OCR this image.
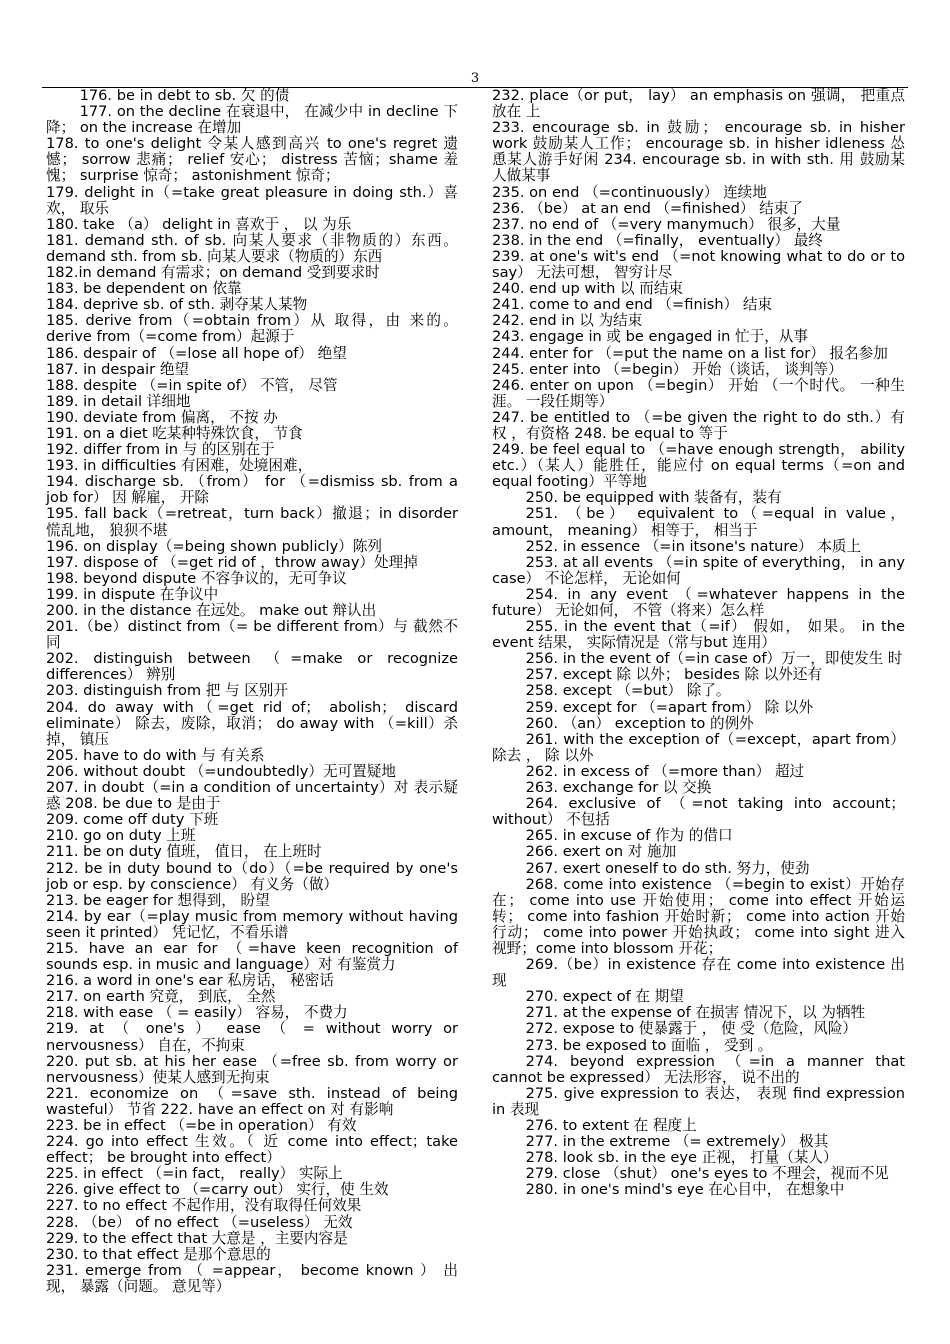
3

176. be in debt to sb. 欠 的债

177. on the decline 在衰退中， 在减少中 in decline 下降； on the increase 在增加

178. to one's delight 令某人感到高兴 to one's regret 遗憾； sorrow 悲痛； relief 安心； distress 苦恼；shame 羞愧； surprise 惊奇； astonishment 惊奇；

179. delight in（=take great pleasure in doing sth.）喜欢， 取乐

180. take （a） delight in 喜欢于 ， 以 为乐

181. demand sth. of sb. 向某人要求（非物质的）东西。demand sth. from sb. 向某人要求（物质的）东西

182.in demand 有需求；on demand 受到要求时

183. be dependent on 依靠

184. deprive sb. of sth. 剥夺某人某物

185. derive from（=obtain from）从 取得，由 来的。derive from（=come from）起源于

186. despair of （=lose all hope of） 绝望

187. in despair 绝望

188. despite （=in spite of） 不管， 尽管

189. in detail 详细地

190. deviate from 偏离， 不按 办

191. on a diet 吃某种特殊饮食， 节食

192. differ from in 与 的区别在于

193. in difficulties 有困难，处境困难，

194. discharge sb. （from） for （=dismiss sb. from a job for） 因 解雇， 开除

195. fall back（=retreat，turn back）撤退；in disorder 慌乱地， 狼狈不堪

196. on display（=being shown publicly）陈列

197. dispose of （=get rid of ，throw away）处理掉

198. beyond dispute 不容争议的，无可争议

199. in dispute 在争议中

200. in the distance 在远处。 make out 辩认出

201.（be）distinct from（= be different from）与 截然不同

202. distinguish between （=make or recognize differences） 辨别

203. distinguish from 把 与 区别开

204. do away with（=get rid of； abolish； discard eliminate） 除去，废除，取消； do away with （=kill）杀掉， 镇压

205. have to do with 与 有关系

206. without doubt （=undoubtedly）无可置疑地

207. in doubt（=in a condition of uncertainty）对 表示疑惑 208. be due to 是由于

209. come off duty 下班

210. go on duty 上班

211. be on duty 值班， 值日， 在上班时

212. be in duty bound to（do）（=be required by one's job or esp. by conscience） 有义务（做）

213. be eager for 想得到， 盼望

214. by ear（=play music from memory without having seen it printed） 凭记忆，不看乐谱

215. have an ear for （=have keen recognition of sounds esp. in music and language）对 有鉴赏力

216. a word in one's ear 私房话， 秘密话

217. on earth 究竟， 到底， 全然

218. with ease （ = easily） 容易， 不费力

219. at （ one's ） ease （ = without worry or nervousness） 自在，不拘束

220. put sb. at his her ease （=free sb. from worry or nervousness）使某人感到无拘束

221. economize on （=save sth. instead of being wasteful） 节省 222. have an effect on 对 有影响

223. be in effect （=be in operation） 有效

224. go into effect 生效。（ 近 come into effect；take effect； be brought into effect）

225. in effect （=in fact， really） 实际上

226. give effect to （=carry out） 实行，使 生效

227. to no effect 不起作用，没有取得任何效果

228. （be） of no effect （=useless） 无效

229. to the effect that 大意是 ，主要内容是

230. to that effect 是那个意思的

231. emerge from （ =appear， become known ） 出现， 暴露（问题。 意见等）

232. place（or put， lay） an emphasis on 强调， 把重点放在 上

233. encourage sb. in 鼓励； encourage sb. in hisher work 鼓励某人工作； encourage sb. in hisher idleness 怂恿某人游手好闲 234. encourage sb. in with sth. 用 鼓励某人做某事

235. on end （=continuously） 连续地

236. （be） at an end （=finished） 结束了

237. no end of （=very manymuch） 很多，大量

238. in the end （=finally， eventually） 最终

239. at one's wit's end （=not knowing what to do or to say） 无法可想， 智穷计尽

240. end up with 以 而结束

241. come to and end （=finish） 结束

242. end in 以 为结束

243. engage in 或 be engaged in 忙于，从事

244. enter for （=put the name on a list for） 报名参加

245. enter into （=begin） 开始（谈话， 谈判等）

246. enter on upon （=begin） 开始 （一个时代。 一种生涯。 一段任期等）

247. be entitled to （=be given the right to do sth.）有权 ，有资格 248. be equal to 等于

249. be feel equal to （=have enough strength， ability etc.）（某人）能胜任，能应付 on equal terms（=on and equal footing）平等地

250. be equipped with 装备有，装有

251. （be） equivalent to（=equal in value，amount， meaning） 相等于， 相当于

252. in essence （=in itsone's nature） 本质上

253. at all events （=in spite of everything， in any case） 不论怎样， 无论如何

254. in any event （=whatever happens in the future） 无论如何， 不管（将来）怎么样

255. in the event that（=if） 假如， 如果。 in the event 结果， 实际情况是（常与but 连用）

256. in the event of（=in case of）万一，即使发生 时

257. except 除 以外； besides 除 以外还有

258. except （=but） 除了。

259. except for （=apart from） 除 以外

260. （an） exception to 的例外

261. with the exception of（=except，apart from）除去 ， 除 以外

262. in excess of （=more than） 超过

263. exchange for 以 交换

264. exclusive of （=not taking into account；without） 不包括

265. in excuse of 作为 的借口

266. exert on 对 施加

267. exert oneself to do sth. 努力，使劲

268. come into existence （=begin to exist）开始存在； come into use 开始使用； come into effect 开始运转； come into fashion 开始时新； come into action 开始行动； come into power 开始执政； come into sight 进入视野；come into blossom 开花；

269.（be）in existence 存在 come into existence 出现

270. expect of 在 期望

271. at the expense of 在损害 情况下，以 为牺牲

272. expose to 使暴露于 ， 使 受（危险，风险）

273. be exposed to 面临 ， 受到 。

274. beyond expression （=in a manner that cannot be expressed） 无法形容， 说不出的

275. give expression to 表达， 表现 find expression in 表现

276. to extent 在 程度上

277. in the extreme （= extremely） 极其

278. look sb. in the eye 正视， 打量（某人）

279. close （shut） one's eyes to 不理会，视而不见

280. in one's mind's eye 在心目中， 在想象中
